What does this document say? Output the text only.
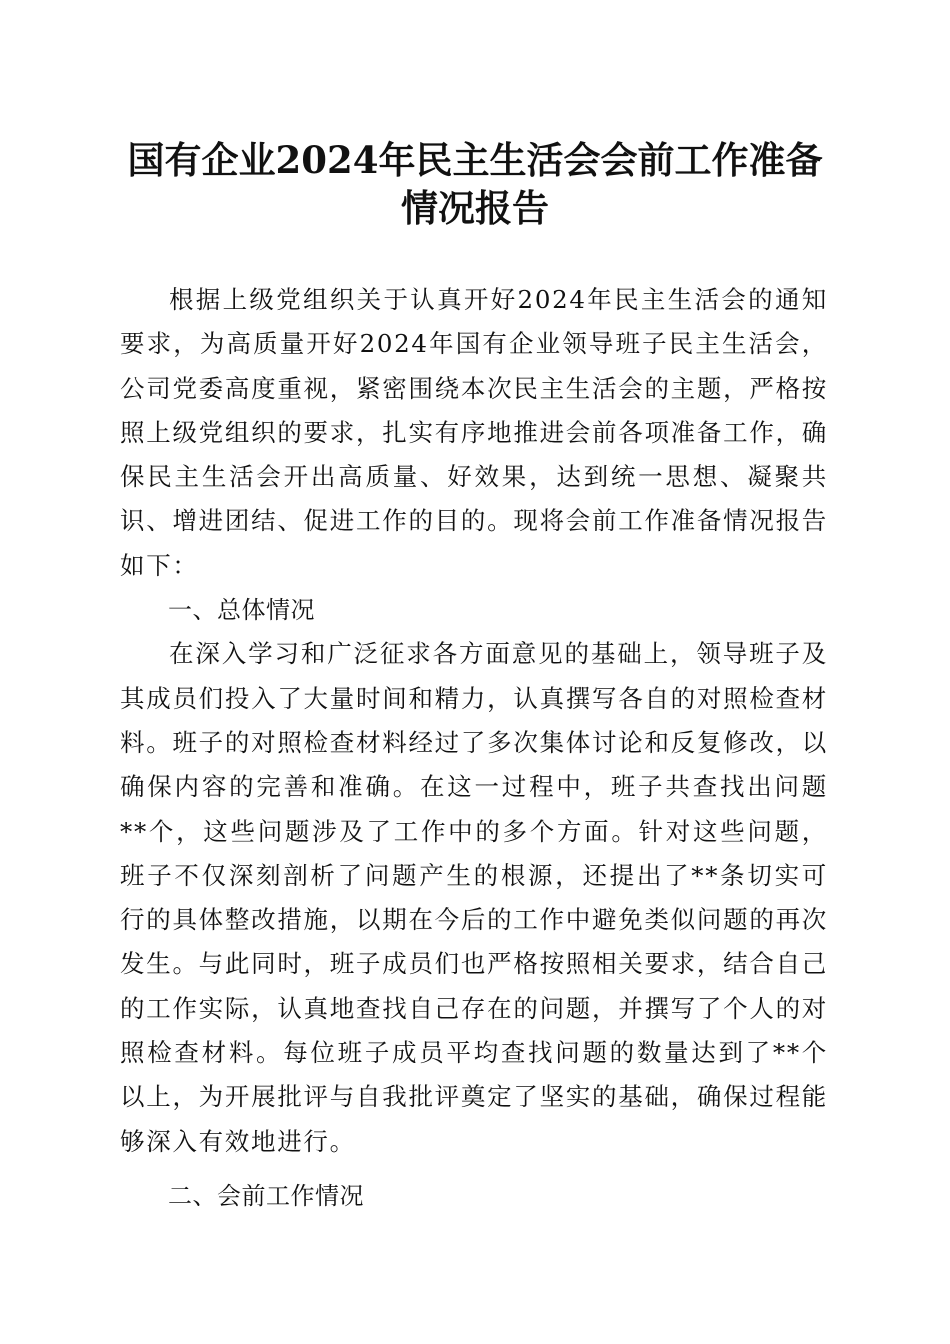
国有企业2024年民主生活会会前工作准备情况报告

根据上级党组织关于认真开好2024年民主生活会的通知要求，为高质量开好2024年国有企业领导班子民主生活会，公司党委高度重视，紧密围绕本次民主生活会的主题，严格按照上级党组织的要求，扎实有序地推进会前各项准备工作，确保民主生活会开出高质量、好效果，达到统一思想、凝聚共识、增进团结、促进工作的目的。现将会前工作准备情况报告如下：

一、总体情况

在深入学习和广泛征求各方面意见的基础上，领导班子及其成员们投入了大量时间和精力，认真撰写各自的对照检查材料。班子的对照检查材料经过了多次集体讨论和反复修改，以确保内容的完善和准确。在这一过程中，班子共查找出问题**个，这些问题涉及了工作中的多个方面。针对这些问题，班子不仅深刻剖析了问题产生的根源，还提出了**条切实可行的具体整改措施，以期在今后的工作中避免类似问题的再次发生。与此同时，班子成员们也严格按照相关要求，结合自己的工作实际，认真地查找自己存在的问题，并撰写了个人的对照检查材料。每位班子成员平均查找问题的数量达到了**个以上，为开展批评与自我批评奠定了坚实的基础，确保过程能够深入有效地进行。

二、会前工作情况
